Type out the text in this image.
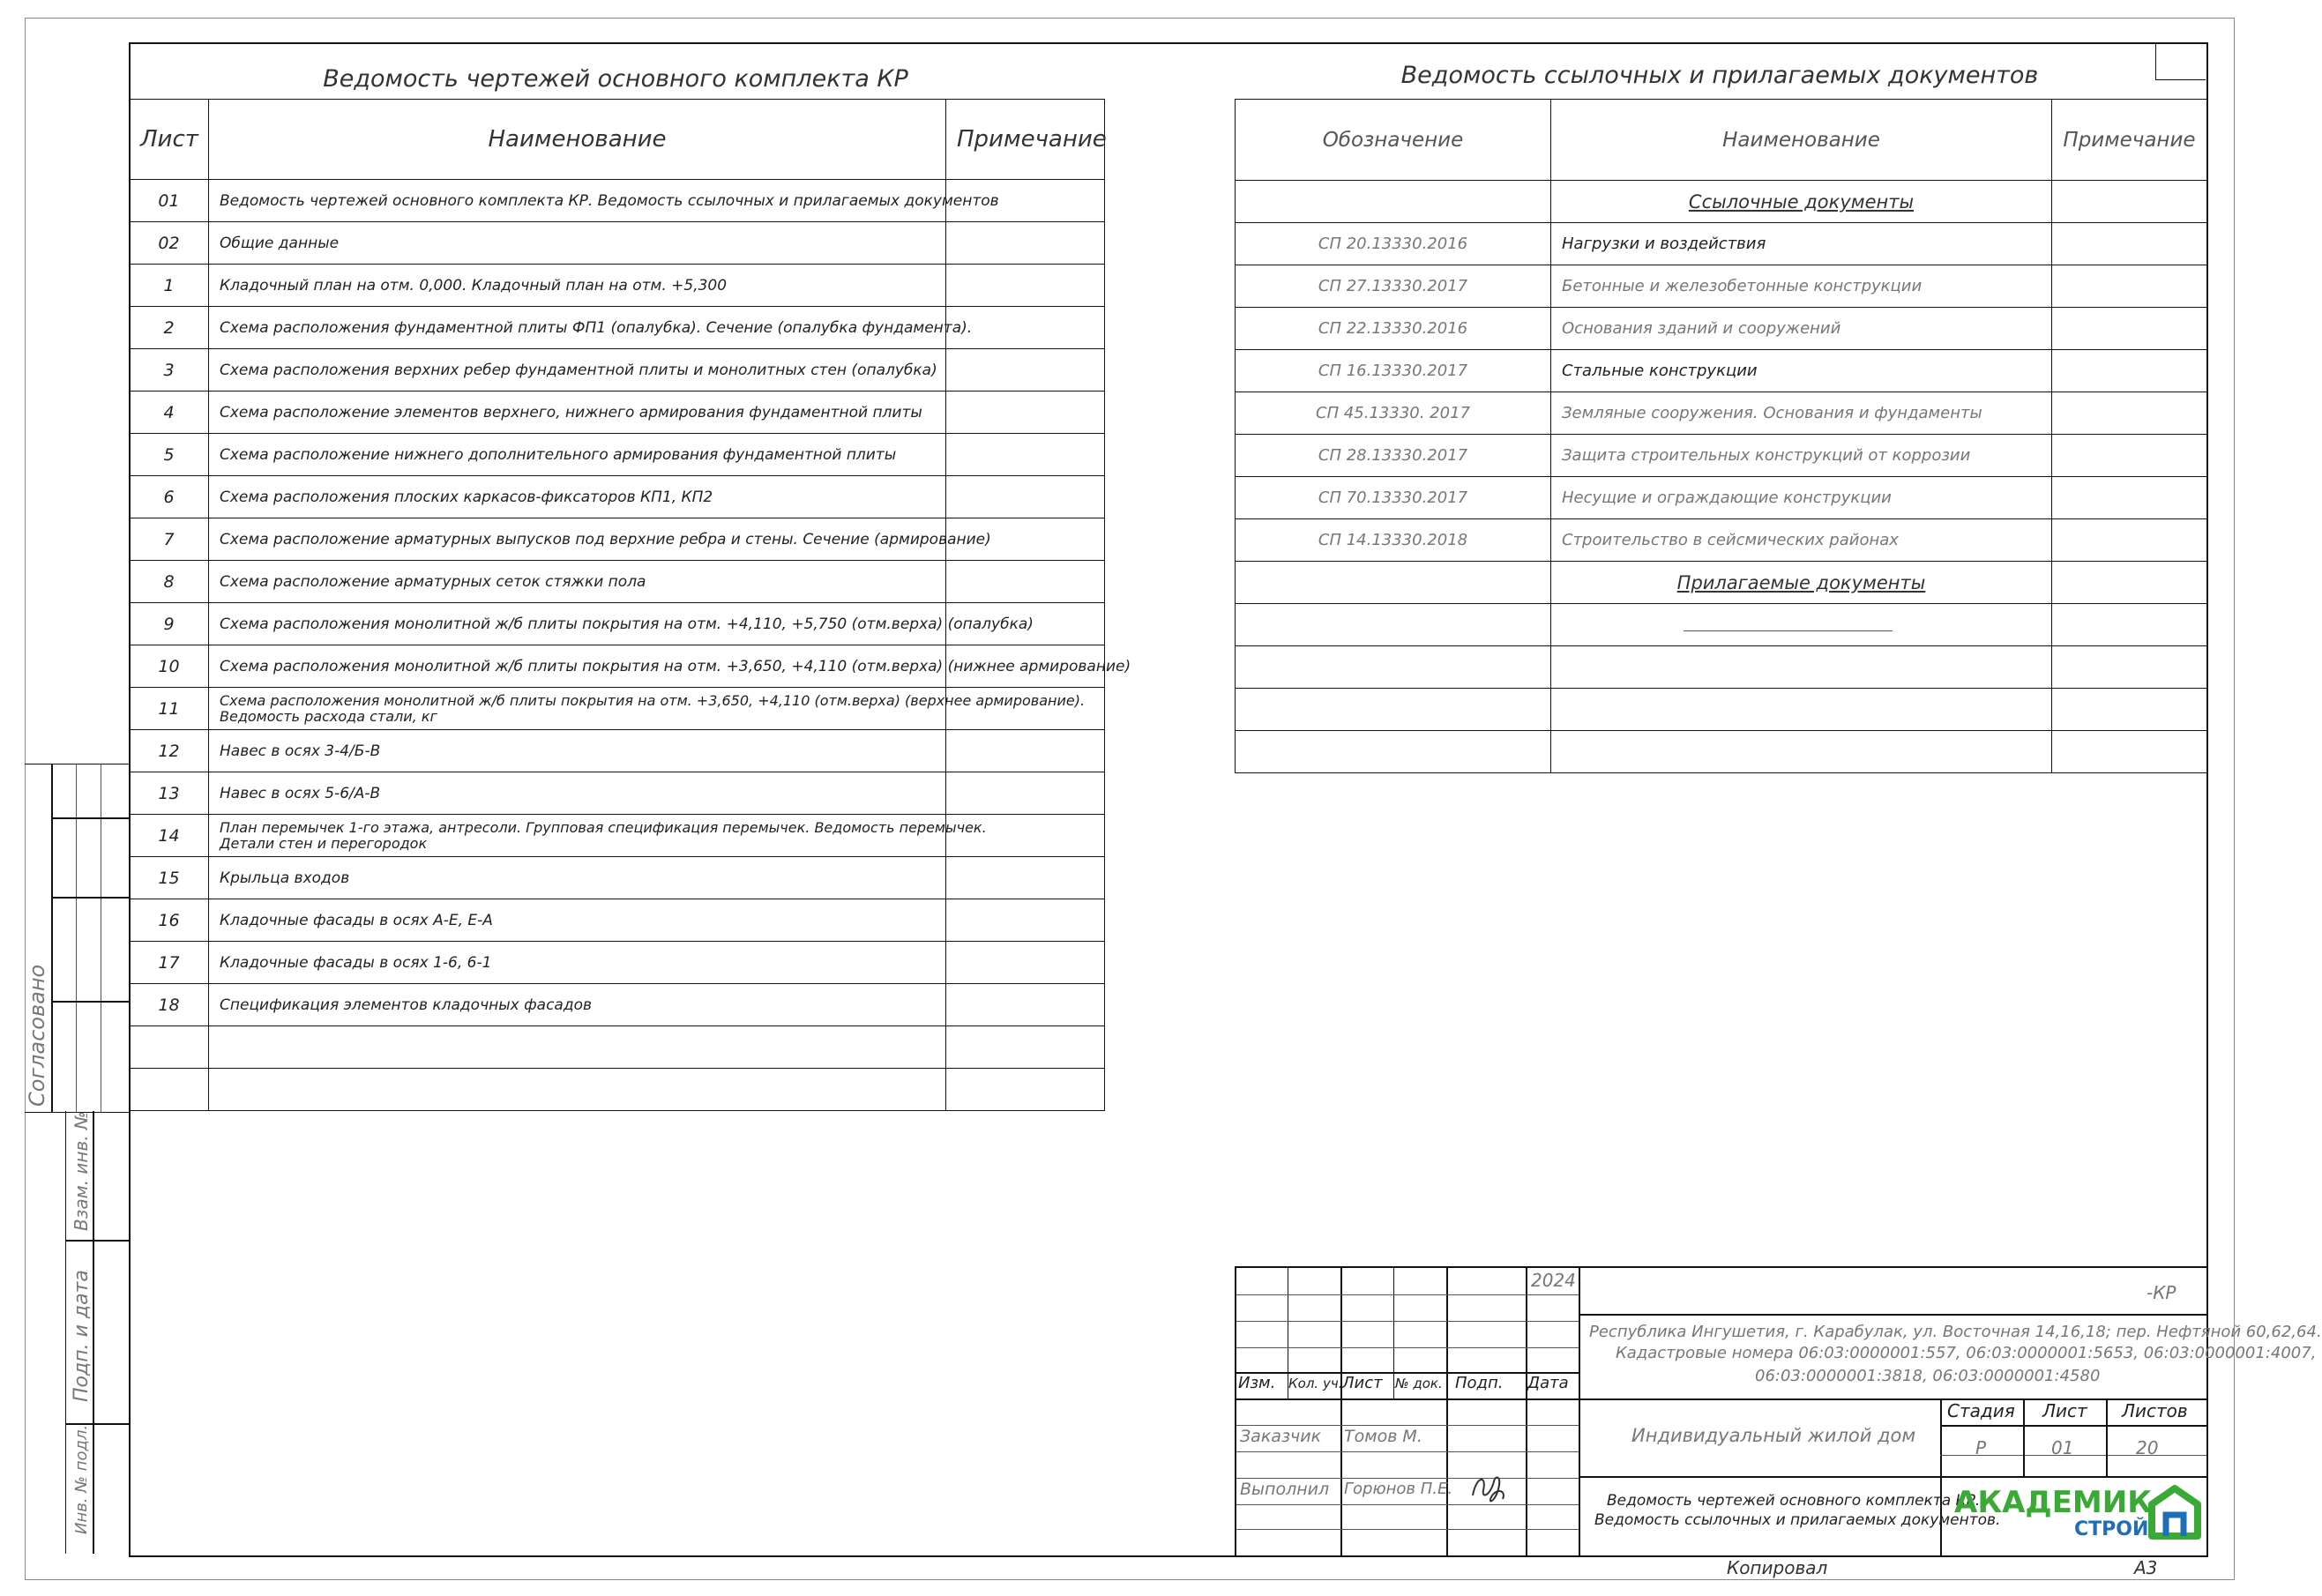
Ведомость чертежей основного комплекта КР
Лист	Наименование	Примечание
01	Ведомость чертежей основного комплекта КР. Ведомость ссылочных и прилагаемых документов	
02	Общие данные	
1	Кладочный план на отм. 0,000. Кладочный план на отм. +5,300	
2	Схема расположения фундаментной плиты ФП1 (опалубка). Сечение (опалубка фундамента).	
3	Схема расположения верхних ребер фундаментной плиты и монолитных стен (опалубка)	
4	Схема расположение элементов верхнего, нижнего армирования фундаментной плиты	
5	Схема расположение нижнего дополнительного армирования фундаментной плиты	
6	Схема расположения плоских каркасов-фиксаторов КП1, КП2	
7	Схема расположение арматурных выпусков под верхние ребра и стены. Сечение (армирование)	
8	Схема расположение арматурных сеток стяжки пола	
9	Схема расположения монолитной ж/б плиты покрытия на отм. +4,110, +5,750 (отм.верха) (опалубка)	
10	Схема расположения монолитной ж/б плиты покрытия на отм. +3,650, +4,110 (отм.верха) (нижнее армирование)	
11	Схема расположения монолитной ж/б плиты покрытия на отм. +3,650, +4,110 (отм.верха) (верхнее армирование).
Ведомость расхода стали, кг	

12	Навес в осях 3-4/Б-В	
13	Навес в осях 5-6/А-В	
14	План перемычек 1-го этажа, антресоли. Групповая спецификация перемычек. Ведомость перемычек.
Детали стен и перегородок	

15	Крыльца входов	
16	Кладочные фасады в осях А-Е, Е-А	
17	Кладочные фасады в осях 1-6, 6-1	
18	Спецификация элементов кладочных фасадов	

Ведомость ссылочных и прилагаемых документов
Обозначение	Наименование	Примечание
	Ссылочные документы	
СП 20.13330.2016	Нагрузки и воздействия	
СП 27.13330.2017	Бетонные и железобетонные конструкции	
СП 22.13330.2016	Основания зданий и сооружений	
СП 16.13330.2017	Стальные конструкции	
СП 45.13330. 2017	Земляные сооружения. Основания и фундаменты	
СП 28.13330.2017	Защита строительных конструкций от коррозии	
СП 70.13330.2017	Несущие и ограждающие конструкции	
СП 14.13330.2018	Строительство в сейсмических районах	
	Прилагаемые документы	

Согласовано
Взам. инв. №
Подп. и дата
Инв. № подл.
2024
-КР
Республика Ингушетия, г. Карабулак, ул. Восточная 14,16,18; пер. Нефтяной 60,62,64.
Кадастровые номера 06:03:0000001:557, 06:03:0000001:5653, 06:03:0000001:4007,
06:03:0000001:3818, 06:03:0000001:4580
Изм. Кол. уч. Лист № док. Подп. Дата
Заказчик Томов М.
Выполнил Горюнов П.Е.
Индивидуальный жилой дом
Стадия Лист Листов
Р	01	20
Ведомость чертежей основного комплекта КР.
Ведомость ссылочных и прилагаемых документов.
АКАДЕМИК
СТРОЙ
Копировал	А3
